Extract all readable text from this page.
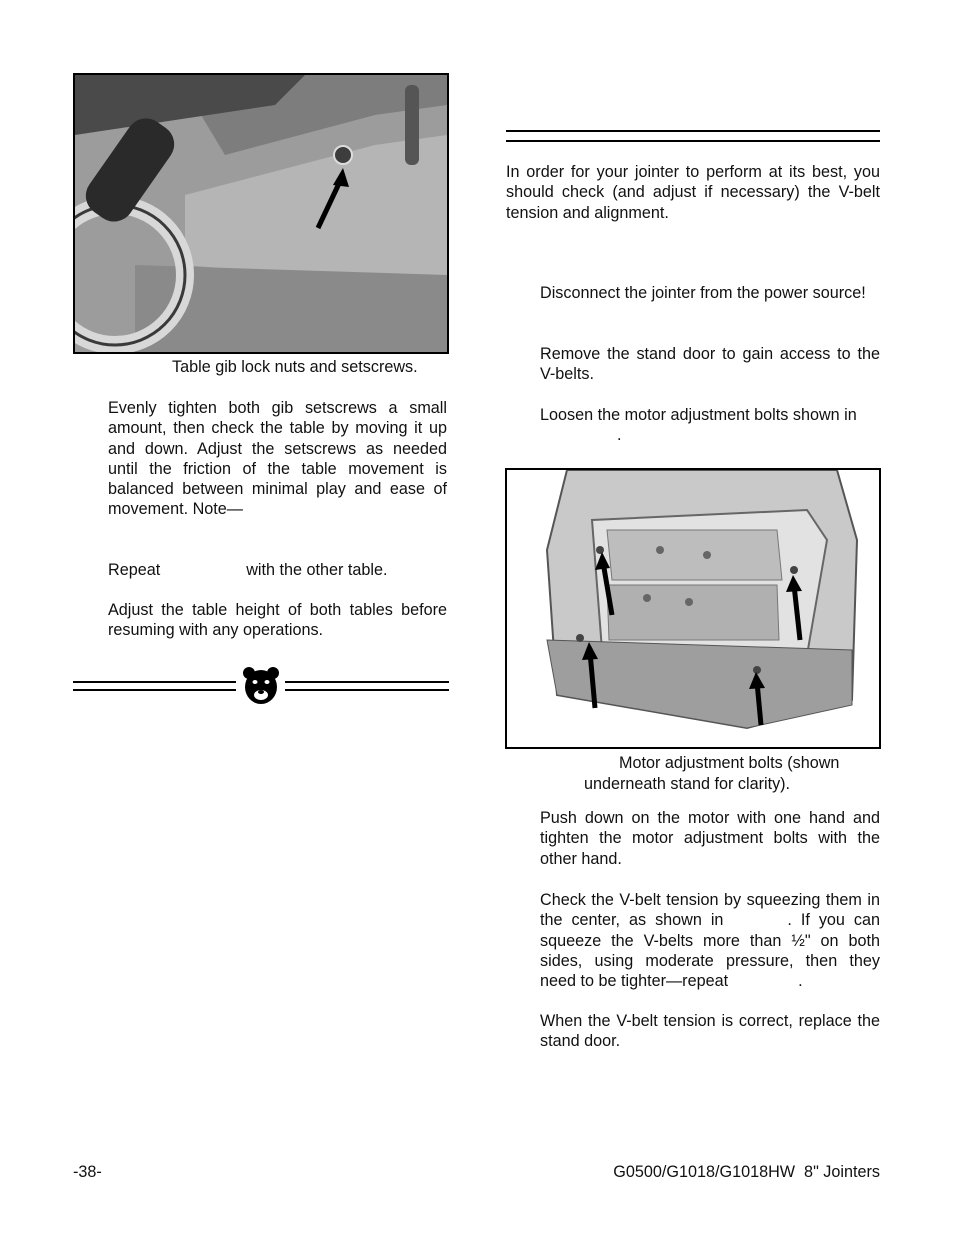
Table gib lock nuts and setscrews.

Evenly tighten both gib setscrews a small amount, then check the table by moving it up and down. Adjust the setscrews as needed until the friction of the table movement is balanced between minimal play and ease of movement. Note—

Repeat	with the other table.

Adjust the table height of both tables before resuming with any operations.

In order for your jointer to perform at its best, you should check (and adjust if necessary) the V-belt tension and alignment.

Disconnect the jointer from the power source!

Remove the stand door to gain access to the V-belts.

Loosen the motor adjustment bolts shown in

.
Motor adjustment bolts (shown
underneath stand for clarity).

Push down on the motor with one hand and tighten the motor adjustment bolts with the other hand.

Check the V-belt tension by squeezing them in the center, as shown in	. If you can squeeze the V-belts more than ½" on both sides, using moderate pressure, then they need to be tighter—repeat	.

When the V-belt tension is correct, replace the stand door.

-38-	G0500/G1018/G1018HW  8" Jointers
